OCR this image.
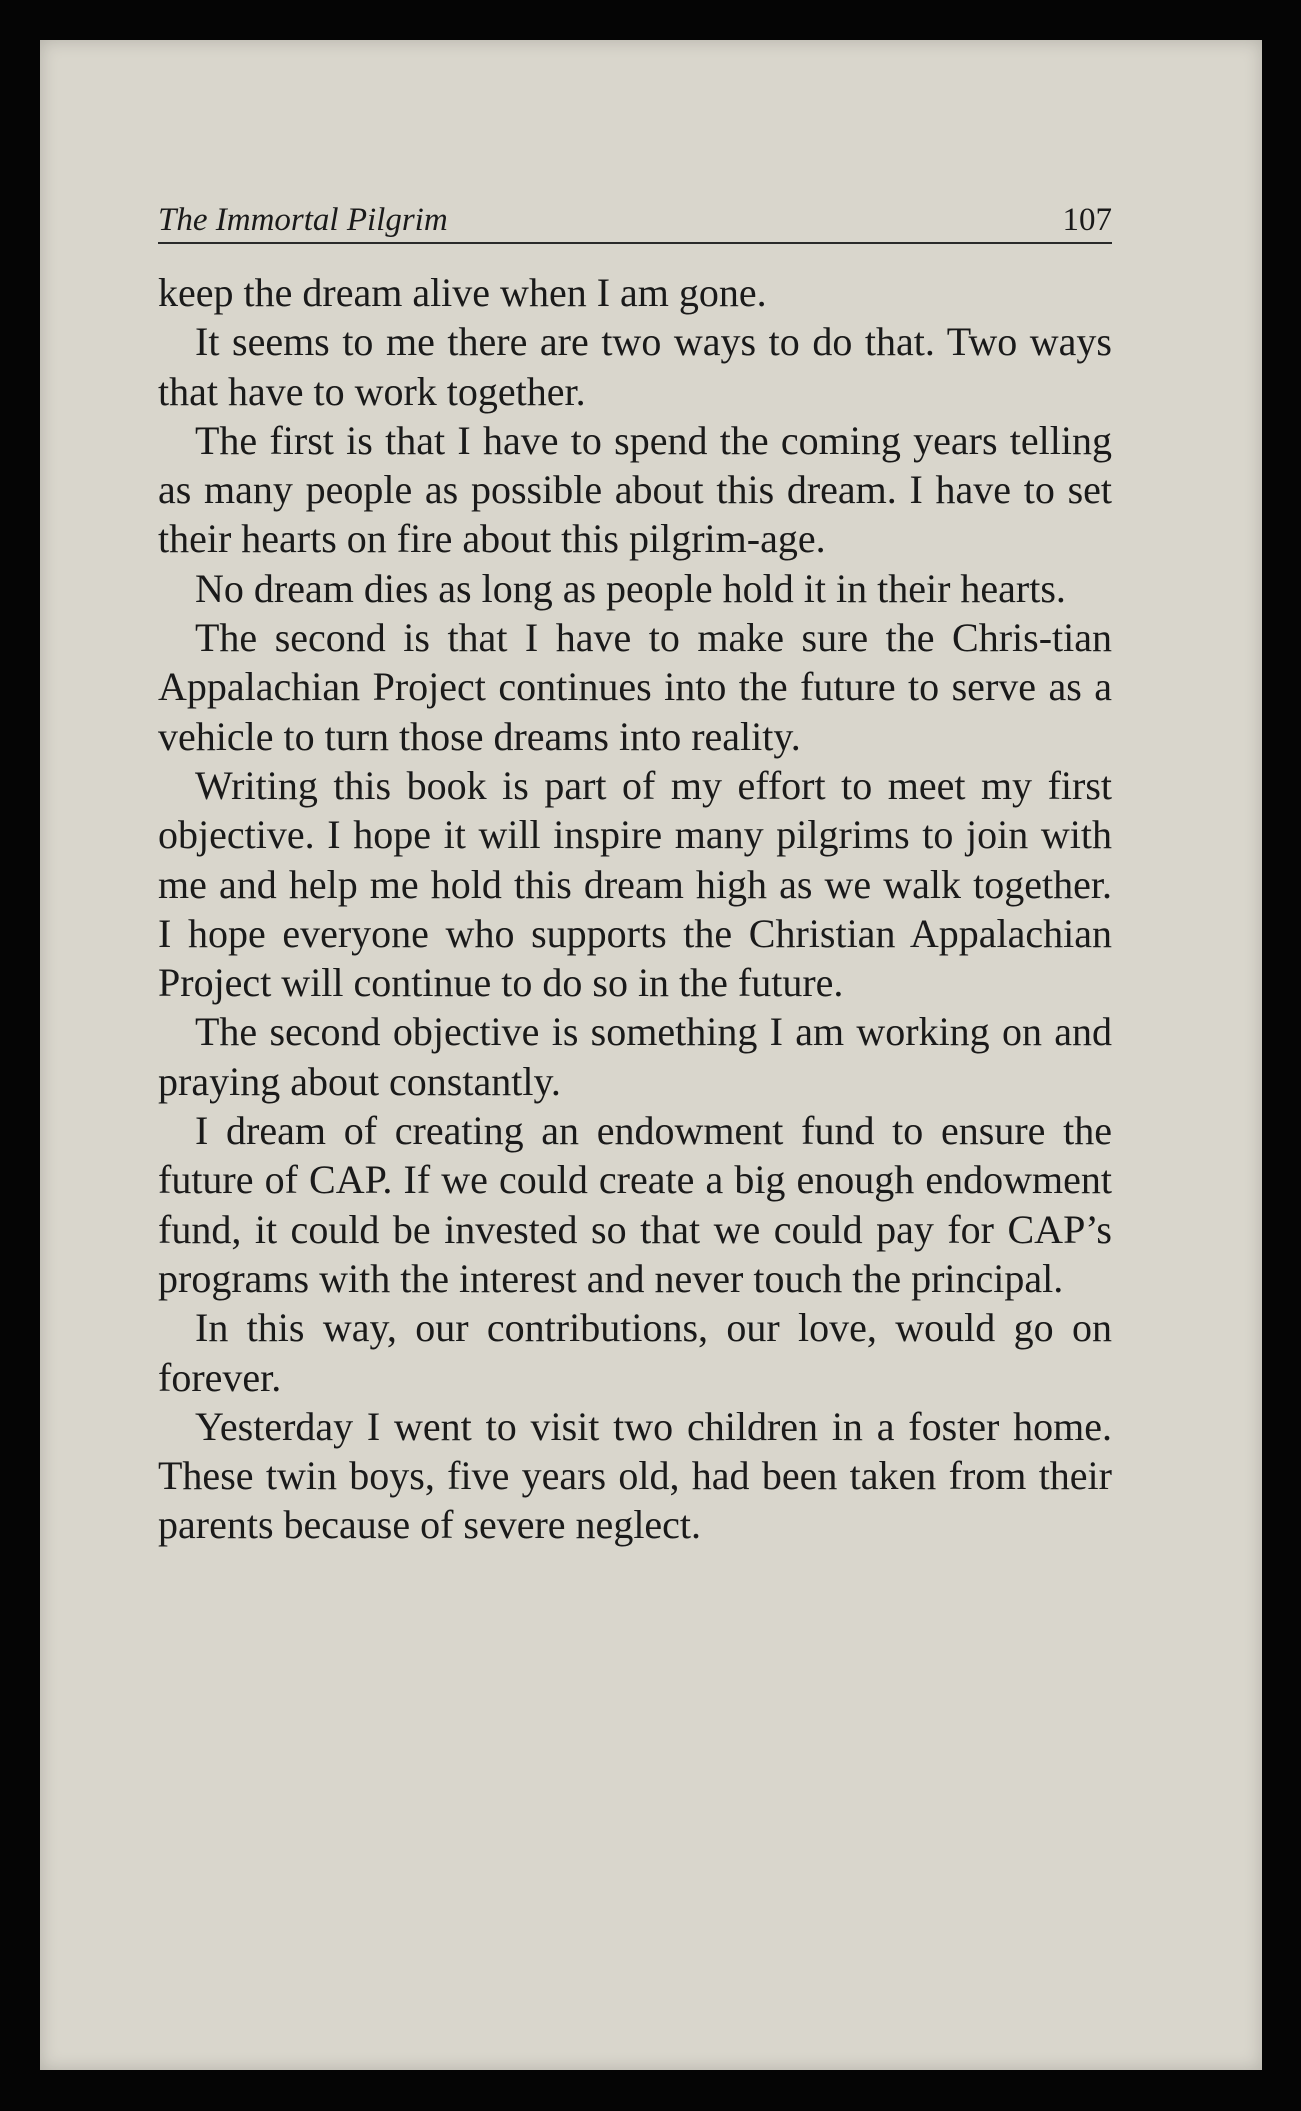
The Immortal Pilgrim	107

keep the dream alive when I am gone.

It seems to me there are two ways to do that. Two ways that have to work together.

The first is that I have to spend the coming years telling as many people as possible about this dream. I have to set their hearts on fire about this pilgrim-age.

No dream dies as long as people hold it in their hearts.

The second is that I have to make sure the Chris-tian Appalachian Project continues into the future to serve as a vehicle to turn those dreams into reality.

Writing this book is part of my effort to meet my first objective. I hope it will inspire many pilgrims to join with me and help me hold this dream high as we walk together. I hope everyone who supports the Christian Appalachian Project will continue to do so in the future.

The second objective is something I am working on and praying about constantly.

I dream of creating an endowment fund to ensure the future of CAP. If we could create a big enough endowment fund, it could be invested so that we could pay for CAP’s programs with the interest and never touch the principal.

In this way, our contributions, our love, would go on forever.

Yesterday I went to visit two children in a foster home. These twin boys, five years old, had been taken from their parents because of severe neglect.
